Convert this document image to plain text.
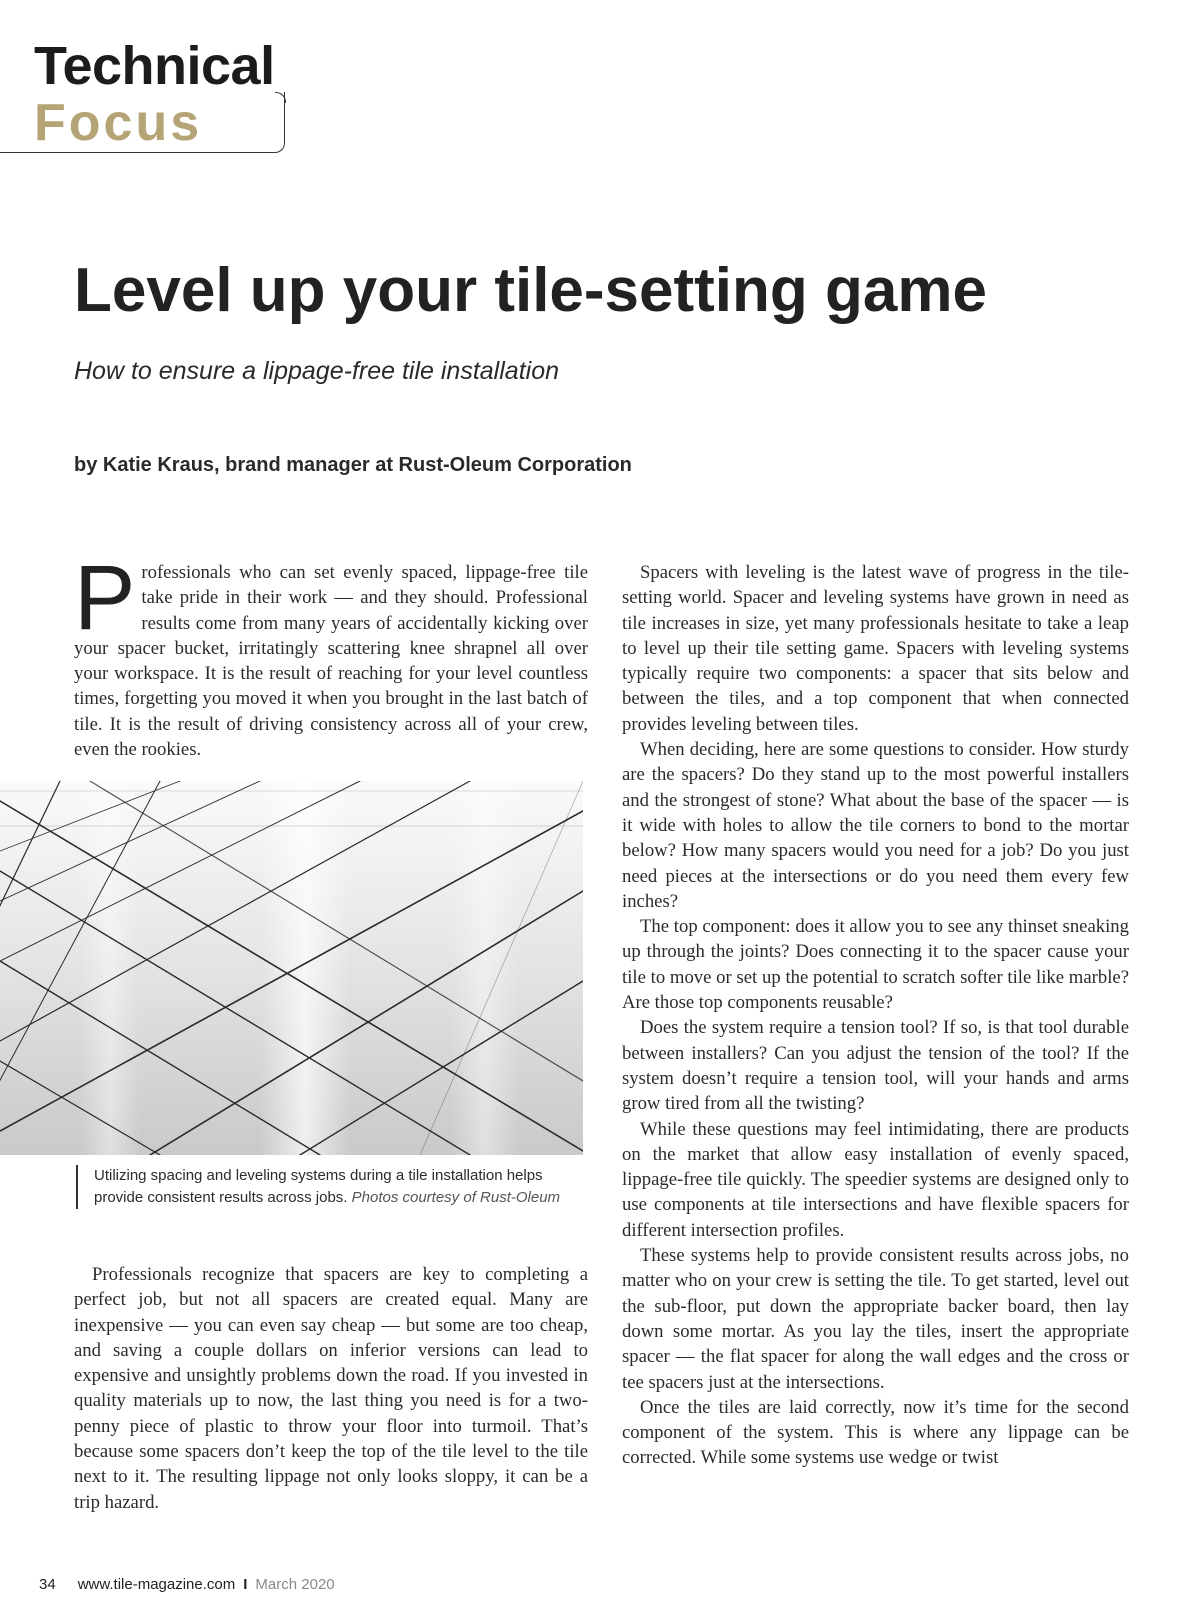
Technical
Focus
Level up your tile-setting game

How to ensure a lippage-free tile installation

by Katie Kraus, brand manager at Rust-Oleum Corporation

Professionals who can set evenly spaced, lippage-free tile take pride in their work — and they should. Professional results come from many years of accidentally kicking over your spacer bucket, irritatingly scattering knee shrapnel all over your workspace. It is the result of reaching for your level countless times, forgetting you moved it when you brought in the last batch of tile. It is the result of driving consistency across all of your crew, even the rookies.

Utilizing spacing and leveling systems during a tile installation helps provide consistent results across jobs. Photos courtesy of Rust-Oleum

Professionals recognize that spacers are key to completing a perfect job, but not all spacers are created equal. Many are inexpensive — you can even say cheap — but some are too cheap, and saving a couple dollars on inferior versions can lead to expensive and unsightly problems down the road. If you invested in quality materials up to now, the last thing you need is for a two-penny piece of plastic to throw your floor into turmoil. That’s because some spacers don’t keep the top of the tile level to the tile next to it. The resulting lippage not only looks sloppy, it can be a trip hazard.

Spacers with leveling is the latest wave of progress in the tile-setting world. Spacer and leveling systems have grown in need as tile increases in size, yet many professionals hesitate to take a leap to level up their tile setting game. Spacers with leveling systems typically require two components: a spacer that sits below and between the tiles, and a top component that when connected provides leveling between tiles.

When deciding, here are some questions to consider. How sturdy are the spacers? Do they stand up to the most powerful installers and the strongest of stone? What about the base of the spacer — is it wide with holes to allow the tile corners to bond to the mortar below? How many spacers would you need for a job? Do you just need pieces at the intersections or do you need them every few inches?

The top component: does it allow you to see any thinset sneaking up through the joints? Does connecting it to the spacer cause your tile to move or set up the potential to scratch softer tile like marble? Are those top components reusable?

Does the system require a tension tool? If so, is that tool durable between installers? Can you adjust the tension of the tool? If the system doesn’t require a tension tool, will your hands and arms grow tired from all the twisting?

While these questions may feel intimidating, there are products on the market that allow easy installation of evenly spaced, lippage-free tile quickly. The speedier systems are designed only to use components at tile intersections and have flexible spacers for different intersection profiles.

These systems help to provide consistent results across jobs, no matter who on your crew is setting the tile. To get started, level out the sub-floor, put down the appropriate backer board, then lay down some mortar. As you lay the tiles, insert the appropriate spacer — the flat spacer for along the wall edges and the cross or tee spacers just at the intersections.

Once the tiles are laid correctly, now it’s time for the second component of the system. This is where any lippage can be corrected. While some systems use wedge or twist

34 www.tile-magazine.com I March 2020
